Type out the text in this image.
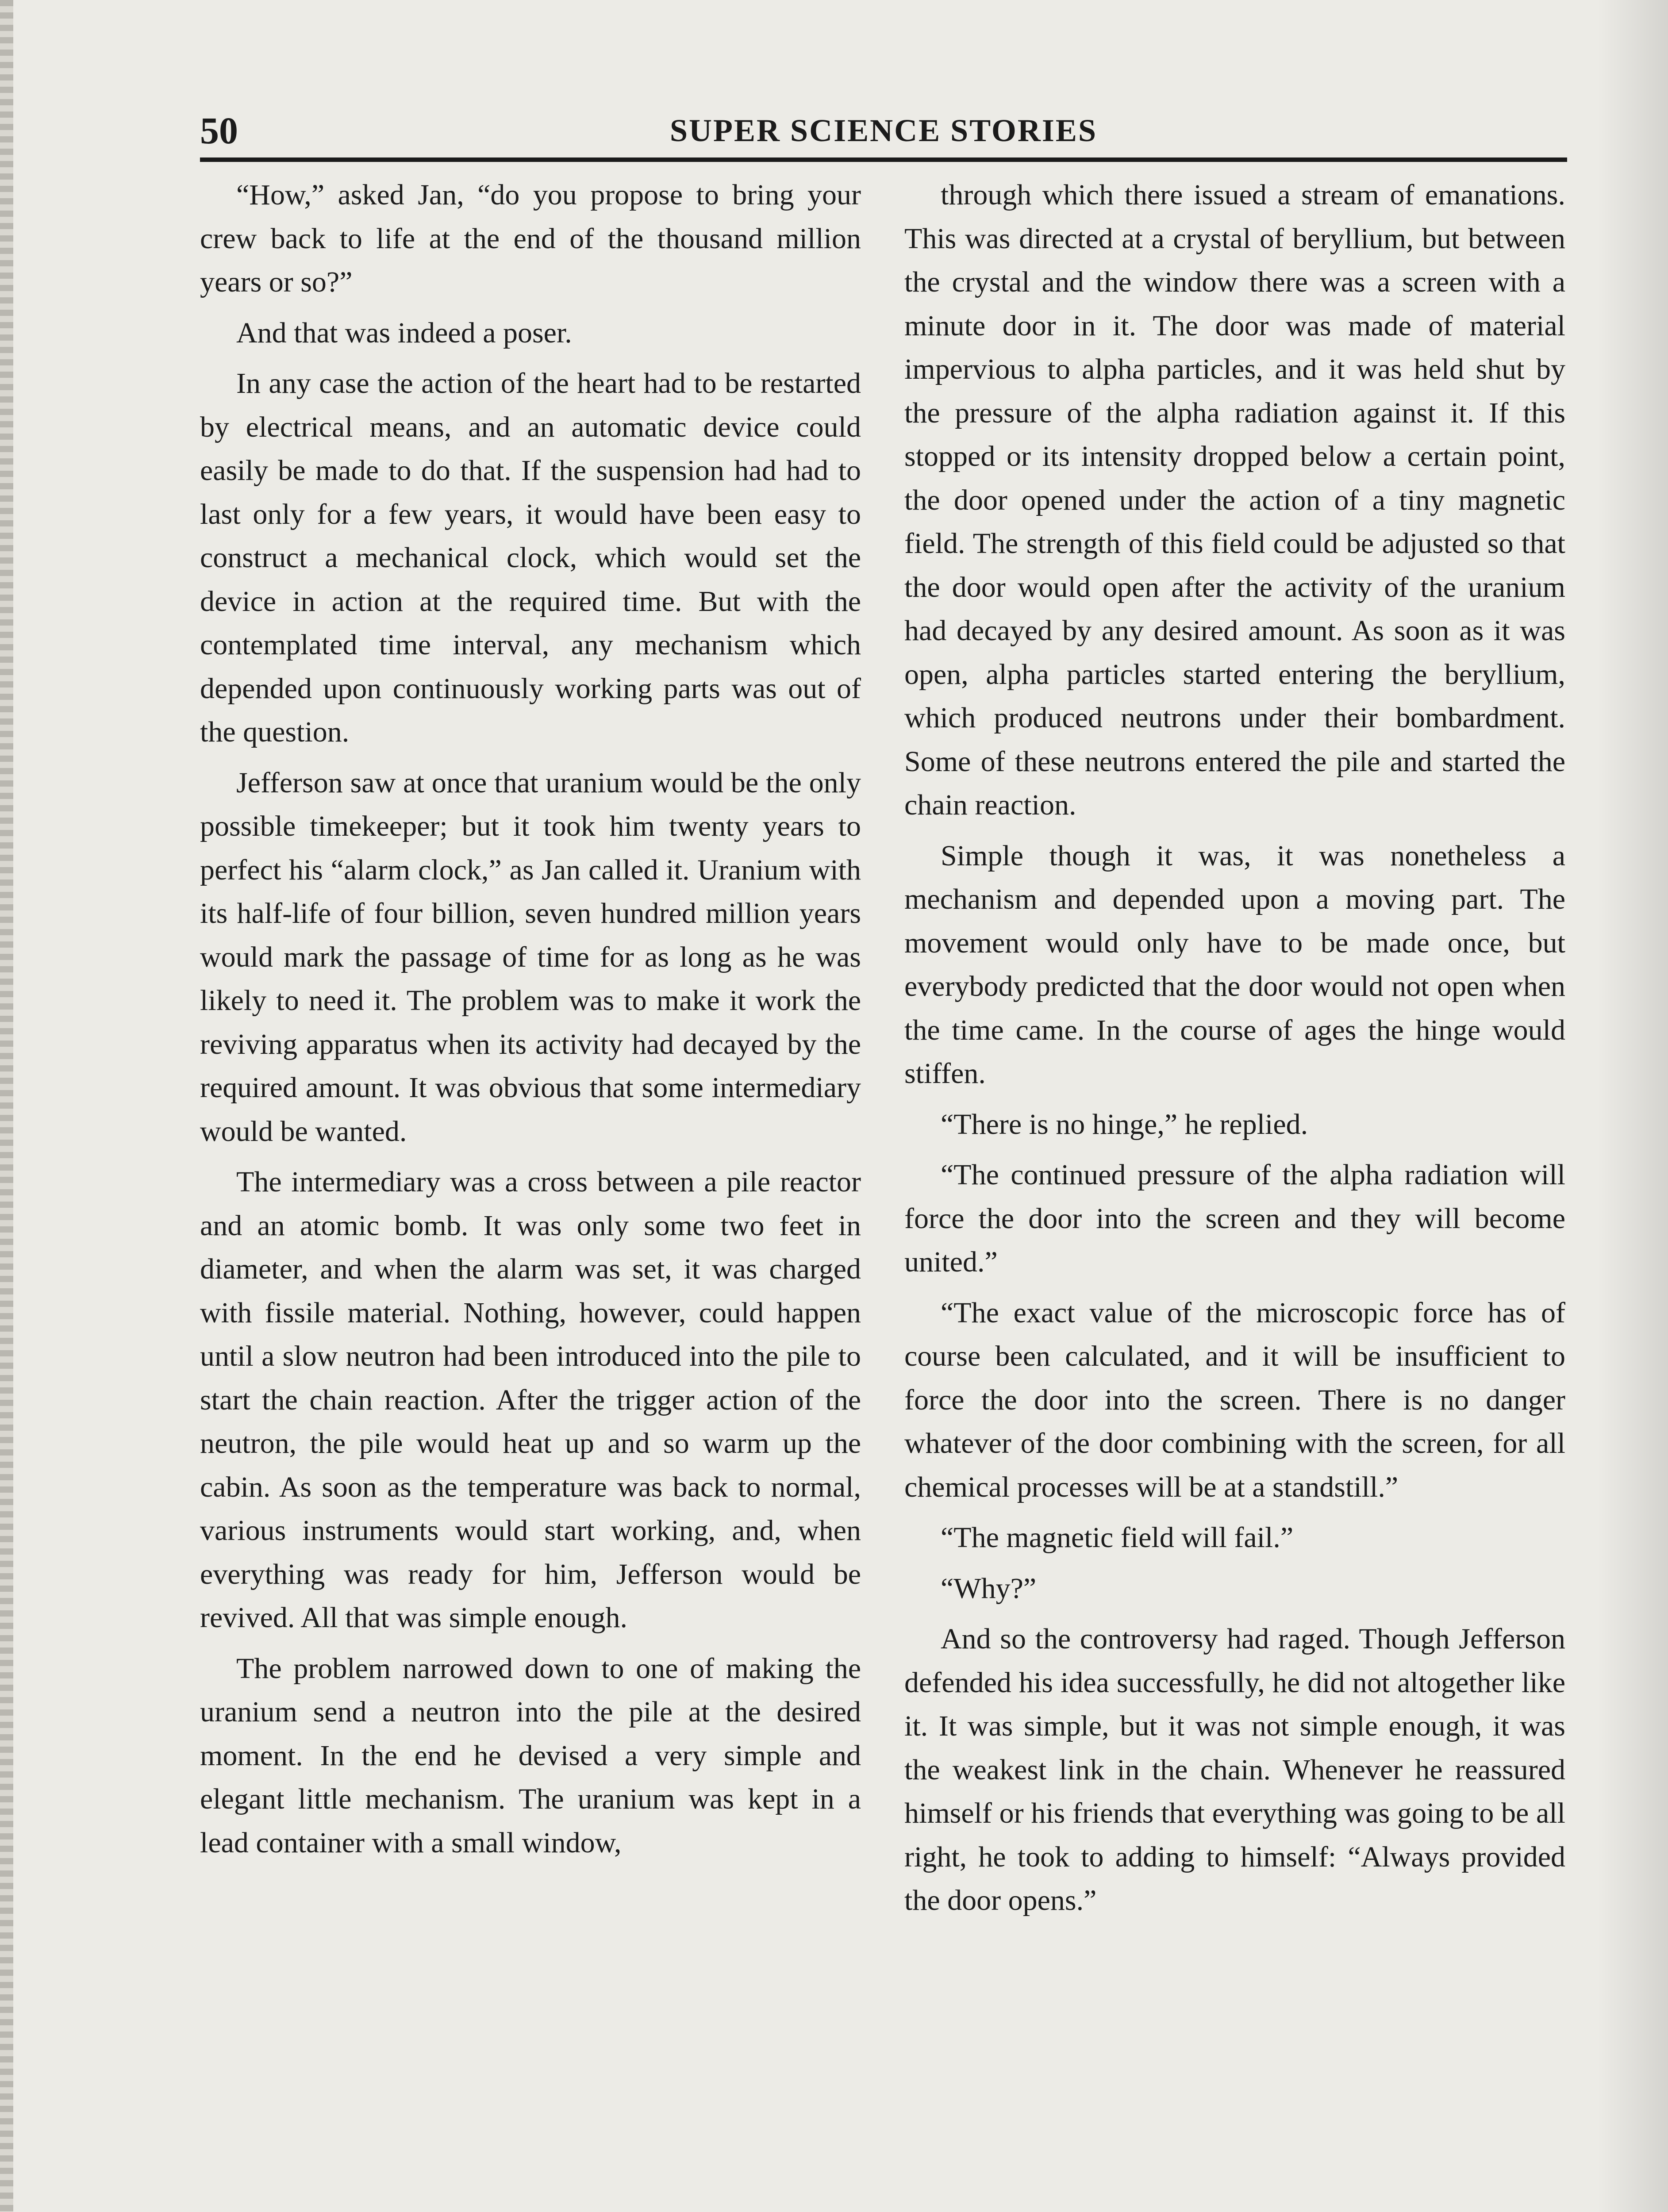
50	SUPER SCIENCE STORIES

“How,” asked Jan, “do you propose to bring your crew back to life at the end of the thousand million years or so?”

And that was indeed a poser.

In any case the action of the heart had to be restarted by electrical means, and an automatic device could easily be made to do that. If the suspension had had to last only for a few years, it would have been easy to construct a mechanical clock, which would set the device in action at the required time. But with the contemplated time interval, any mechanism which depended upon continuously working parts was out of the question.

Jefferson saw at once that uranium would be the only possible timekeeper; but it took him twenty years to perfect his “alarm clock,” as Jan called it. Uranium with its half-life of four billion, seven hundred million years would mark the passage of time for as long as he was likely to need it. The problem was to make it work the reviving apparatus when its activity had decayed by the required amount. It was obvious that some intermediary would be wanted.

The intermediary was a cross between a pile reactor and an atomic bomb. It was only some two feet in diameter, and when the alarm was set, it was charged with fissile material. Nothing, however, could happen until a slow neutron had been introduced into the pile to start the chain reaction. After the trigger action of the neutron, the pile would heat up and so warm up the cabin. As soon as the temperature was back to normal, various instruments would start working, and, when everything was ready for him, Jefferson would be revived. All that was simple enough.

The problem narrowed down to one of making the uranium send a neutron into the pile at the desired moment. In the end he devised a very simple and elegant little mechanism. The uranium was kept in a lead container with a small window,

through which there issued a stream of emanations. This was directed at a crystal of beryllium, but between the crystal and the window there was a screen with a minute door in it. The door was made of material impervious to alpha particles, and it was held shut by the pressure of the alpha radiation against it. If this stopped or its intensity dropped below a certain point, the door opened under the action of a tiny magnetic field. The strength of this field could be adjusted so that the door would open after the activity of the uranium had decayed by any desired amount. As soon as it was open, alpha particles started entering the beryllium, which produced neutrons under their bombardment. Some of these neutrons entered the pile and started the chain reaction.

Simple though it was, it was nonetheless a mechanism and depended upon a moving part. The movement would only have to be made once, but everybody predicted that the door would not open when the time came. In the course of ages the hinge would stiffen.

“There is no hinge,” he replied.

“The continued pressure of the alpha radiation will force the door into the screen and they will become united.”

“The exact value of the microscopic force has of course been calculated, and it will be insufficient to force the door into the screen. There is no danger whatever of the door combining with the screen, for all chemical processes will be at a standstill.”

“The magnetic field will fail.”

“Why?”

And so the controversy had raged. Though Jefferson defended his idea successfully, he did not altogether like it. It was simple, but it was not simple enough, it was the weakest link in the chain. Whenever he reassured himself or his friends that everything was going to be all right, he took to adding to himself: “Always provided the door opens.”
